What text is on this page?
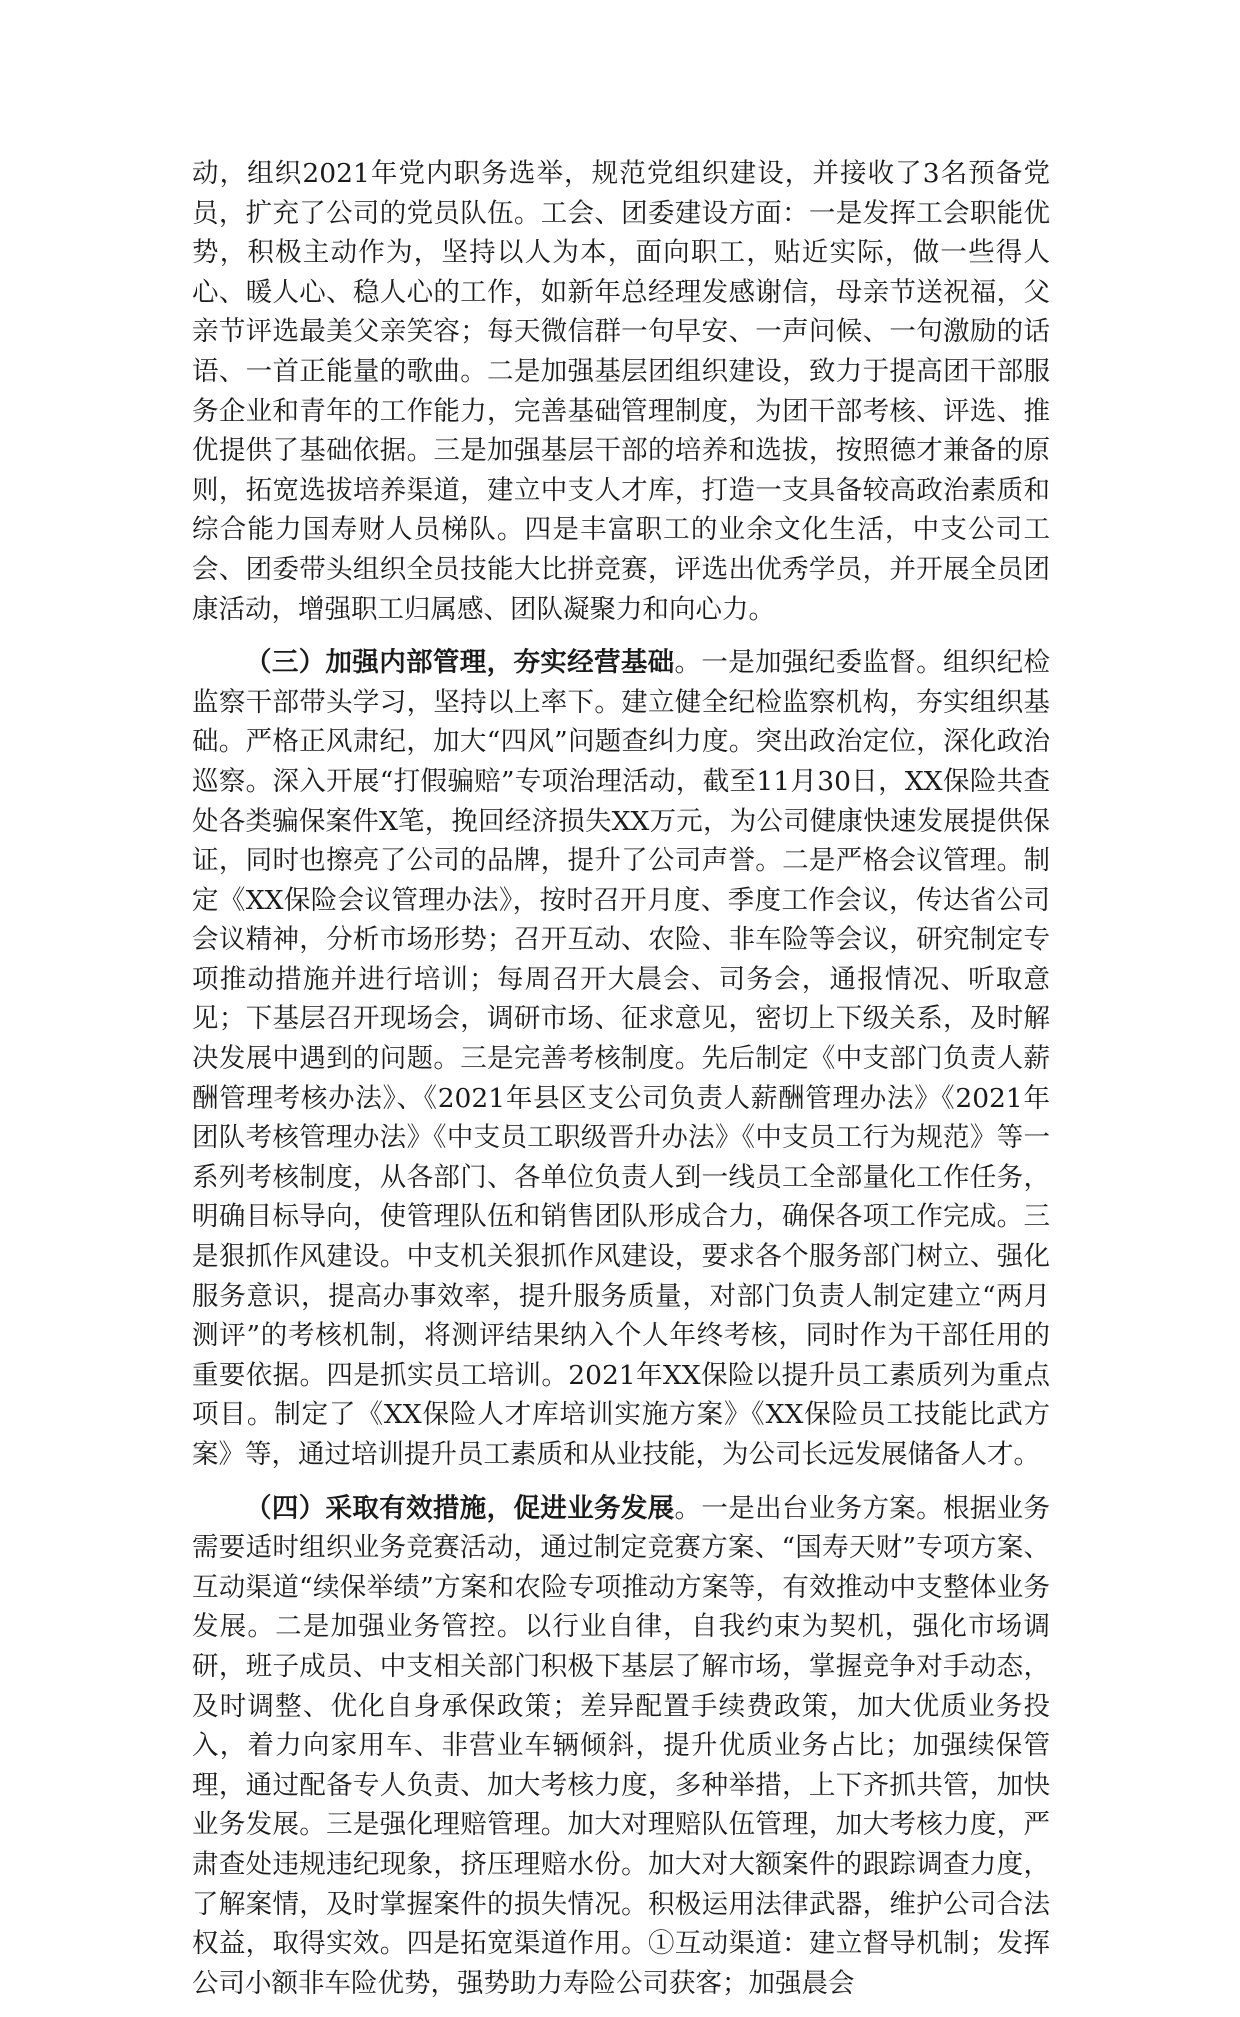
动，组织2021年党内职务选举，规范党组织建设，并接收了3名预备党员，扩充了公司的党员队伍。工会、团委建设方面：一是发挥工会职能优势，积极主动作为，坚持以人为本，面向职工，贴近实际，做一些得人心、暖人心、稳人心的工作，如新年总经理发感谢信，母亲节送祝福，父亲节评选最美父亲笑容；每天微信群一句早安、一声问候、一句激励的话语、一首正能量的歌曲。二是加强基层团组织建设，致力于提高团干部服务企业和青年的工作能力，完善基础管理制度，为团干部考核、评选、推优提供了基础依据。三是加强基层干部的培养和选拔，按照德才兼备的原则，拓宽选拔培养渠道，建立中支人才库，打造一支具备较高政治素质和综合能力国寿财人员梯队。四是丰富职工的业余文化生活，中支公司工会、团委带头组织全员技能大比拼竞赛，评选出优秀学员，并开展全员团康活动，增强职工归属感、团队凝聚力和向心力。

（三）加强内部管理，夯实经营基础。一是加强纪委监督。组织纪检监察干部带头学习，坚持以上率下。建立健全纪检监察机构，夯实组织基础。严格正风肃纪，加大“四风”问题查纠力度。突出政治定位，深化政治巡察。深入开展“打假骗赔”专项治理活动，截至11月30日，XX保险共查处各类骗保案件X笔，挽回经济损失XX万元，为公司健康快速发展提供保证，同时也擦亮了公司的品牌，提升了公司声誉。二是严格会议管理。制定《XX保险会议管理办法》，按时召开月度、季度工作会议，传达省公司会议精神，分析市场形势；召开互动、农险、非车险等会议，研究制定专项推动措施并进行培训；每周召开大晨会、司务会，通报情况、听取意见；下基层召开现场会，调研市场、征求意见，密切上下级关系，及时解决发展中遇到的问题。三是完善考核制度。先后制定《中支部门负责人薪酬管理考核办法》、《2021年县区支公司负责人薪酬管理办法》《2021年团队考核管理办法》《中支员工职级晋升办法》《中支员工行为规范》等一系列考核制度，从各部门、各单位负责人到一线员工全部量化工作任务，明确目标导向，使管理队伍和销售团队形成合力，确保各项工作完成。三是狠抓作风建设。中支机关狠抓作风建设，要求各个服务部门树立、强化服务意识，提高办事效率，提升服务质量，对部门负责人制定建立“两月测评”的考核机制，将测评结果纳入个人年终考核，同时作为干部任用的重要依据。四是抓实员工培训。2021年XX保险以提升员工素质列为重点项目。制定了《XX保险人才库培训实施方案》《XX保险员工技能比武方案》等，通过培训提升员工素质和从业技能，为公司长远发展储备人才。

（四）采取有效措施，促进业务发展。一是出台业务方案。根据业务需要适时组织业务竞赛活动，通过制定竞赛方案、“国寿天财”专项方案、互动渠道“续保举绩”方案和农险专项推动方案等，有效推动中支整体业务发展。二是加强业务管控。以行业自律，自我约束为契机，强化市场调研，班子成员、中支相关部门积极下基层了解市场，掌握竞争对手动态，及时调整、优化自身承保政策；差异配置手续费政策，加大优质业务投入，着力向家用车、非营业车辆倾斜，提升优质业务占比；加强续保管理，通过配备专人负责、加大考核力度，多种举措，上下齐抓共管，加快业务发展。三是强化理赔管理。加大对理赔队伍管理，加大考核力度，严肃查处违规违纪现象，挤压理赔水份。加大对大额案件的跟踪调查力度，了解案情，及时掌握案件的损失情况。积极运用法律武器，维护公司合法权益，取得实效。四是拓宽渠道作用。①互动渠道：建立督导机制；发挥公司小额非车险优势，强势助力寿险公司获客；加强晨会
